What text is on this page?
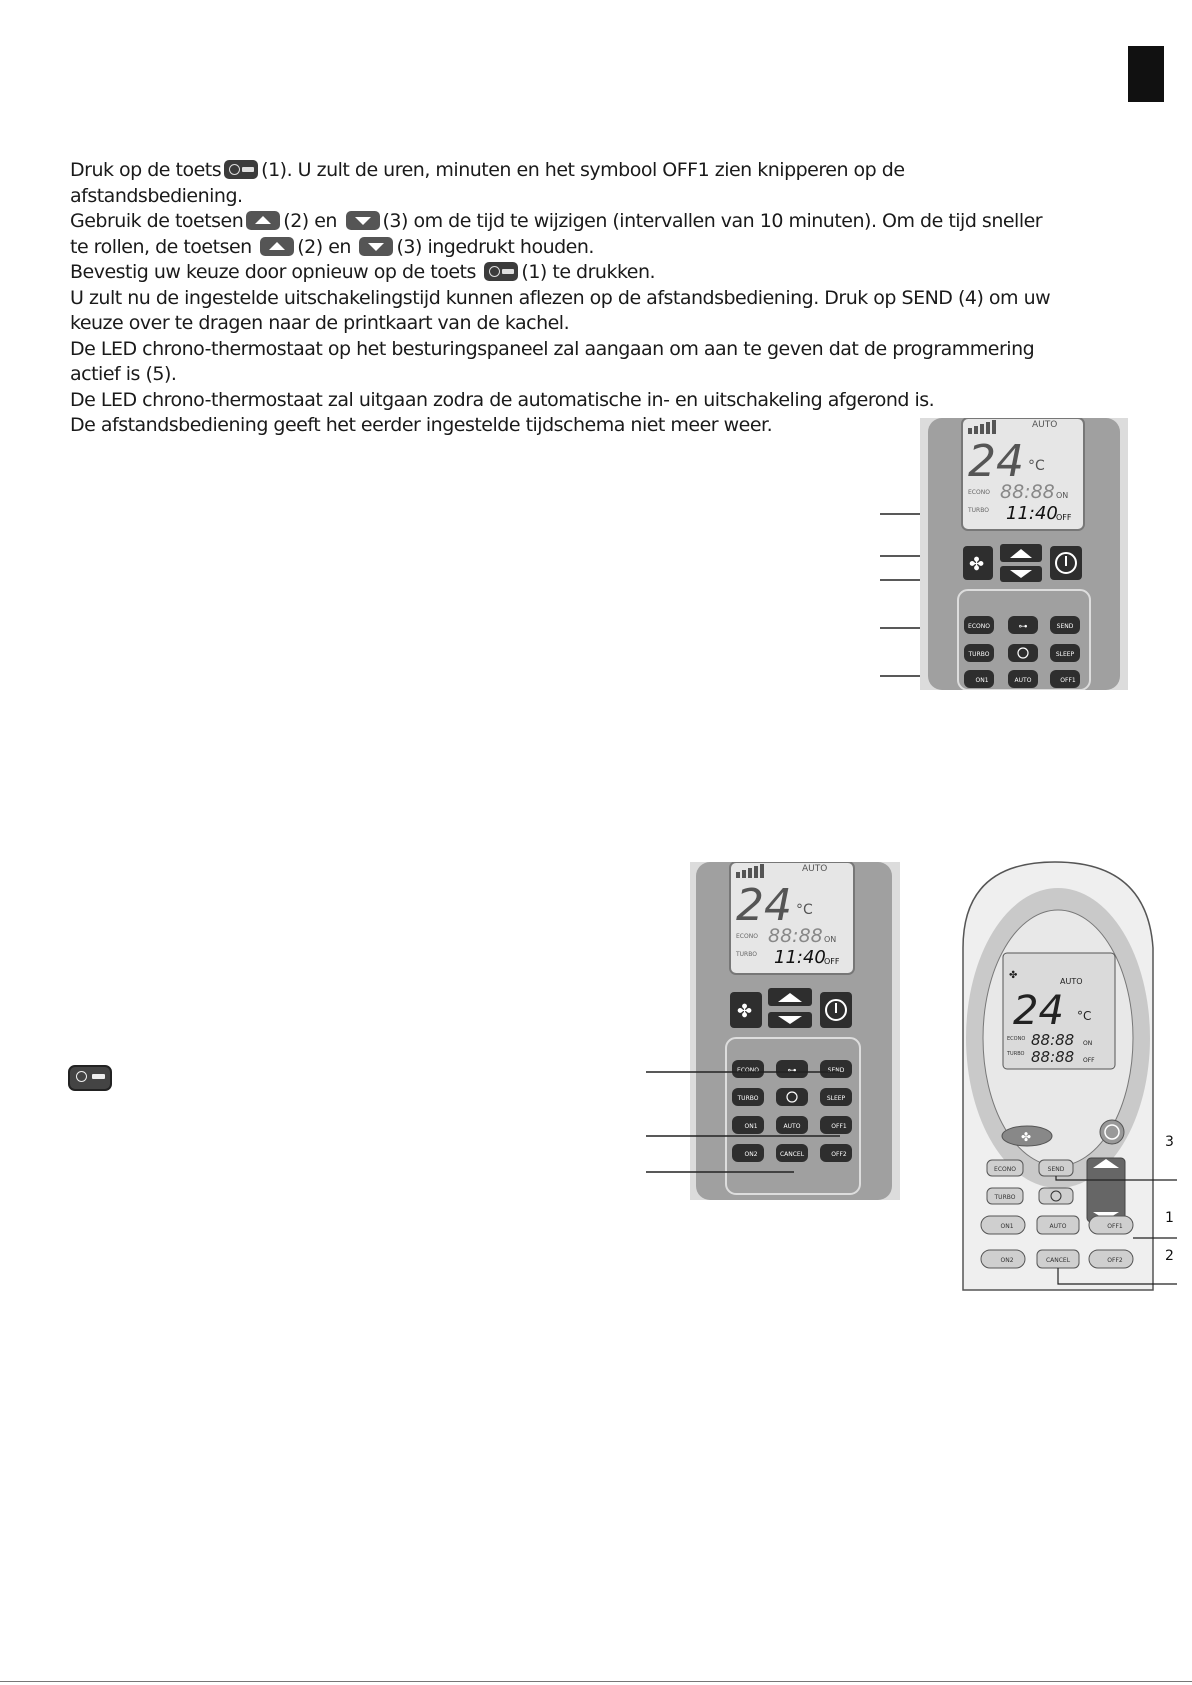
Druk op de toets (1). U zult de uren, minuten en het symbool OFF1 zien knipperen op de afstandsbediening.

Gebruik de toetsen (2) en (3) om de tijd te wijzigen (intervallen van 10 minuten). Om de tijd sneller

te rollen, de toetsen (2) en (3) ingedrukt houden.

Bevestig uw keuze door opnieuw op de toets (1) te drukken.

U zult nu de ingestelde uitschakelingstijd kunnen aflezen op de afstandsbediening. Druk op SEND (4) om uw keuze over te dragen naar de printkaart van de kachel.

De LED chrono-thermostaat op het besturingspaneel zal aangaan om aan te geven dat de programmering actief is (5).

De LED chrono-thermostaat zal uitgaan zodra de automatische in- en uitschakeling afgerond is.

De afstandsbediening geeft het eerder ingestelde tijdschema niet meer weer.	AUTO
24 °C
ECONO
TURBO
88:88 ON
11:40
OFF
✤
ECONO	⊶	SEND
TURBO	SLEEP
ON1	AUTO	OFF1
AUTO
24 °C
ECONO
TURBO
88:88 ON
11:40
OFF
✤
ECONO	⊶	SEND
TURBO	SLEEP
ON1	AUTO	OFF1
ON2	CANCEL	OFF2
✤
AUTO
24 °C
ECONO
TURBO
88:88 ON
88:88 OFF
✤
ECONO	SEND
TURBO
ON1	AUTO	OFF1
ON2	CANCEL	OFF2
3
1
2
